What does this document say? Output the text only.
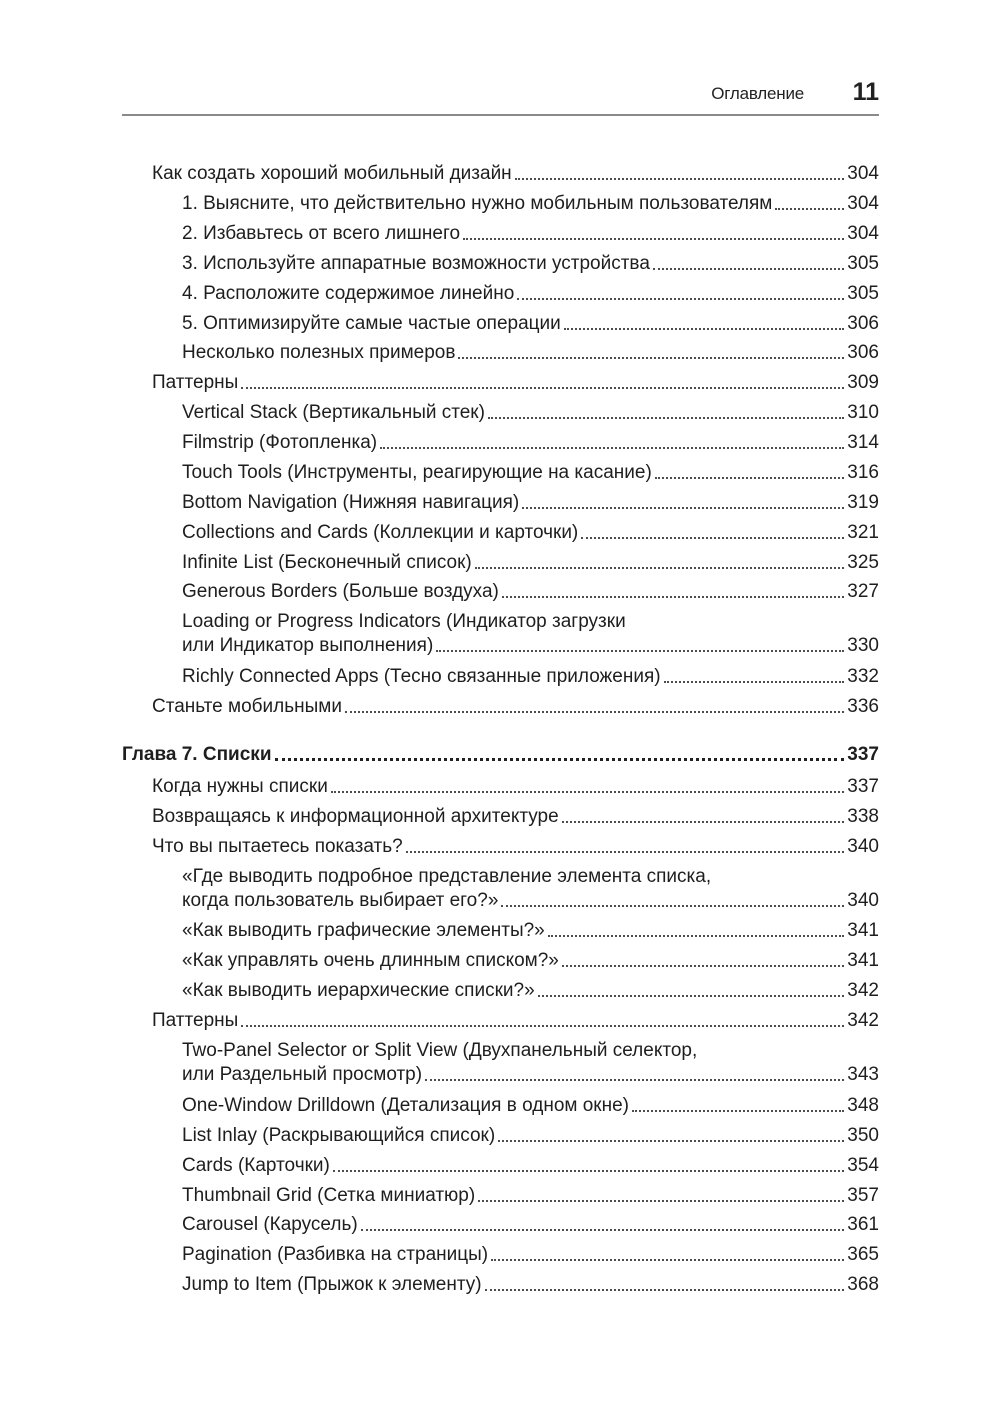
Оглавление 11
Как создать хороший мобильный дизайн	304
1. Выясните, что действительно нужно мобильным пользователям	304
2. Избавьтесь от всего лишнего	304
3. Используйте аппаратные возможности устройства	305
4. Расположите содержимое линейно	305
5. Оптимизируйте самые частые операции	306
Несколько полезных примеров	306
Паттерны	309
Vertical Stack (Вертикальный стек)	310
Filmstrip (Фотопленка)	314
Touch Tools (Инструменты, реагирующие на касание)	316
Bottom Navigation (Нижняя навигация)	319
Collections and Cards (Коллекции и карточки)	321
Infinite List (Бесконечный список)	325
Generous Borders (Больше воздуха)	327
Loading or Progress Indicators (Индикатор загрузки
или Индикатор выполнения)	330
Richly Connected Apps (Тесно связанные приложения)	332
Станьте мобильными	336
Глава 7. Списки	337
Когда нужны списки	337
Возвращаясь к информационной архитектуре	338
Что вы пытаетесь показать?	340
«Где выводить подробное представление элемента списка,
когда пользователь выбирает его?»	340
«Как выводить графические элементы?»	341
«Как управлять очень длинным списком?»	341
«Как выводить иерархические списки?»	342
Паттерны	342
Two-Panel Selector or Split View (Двухпанельный селектор,
или Раздельный просмотр)	343
One-Window Drilldown (Детализация в одном окне)	348
List Inlay (Раскрывающийся список)	350
Cards (Карточки)	354
Thumbnail Grid (Сетка миниатюр)	357
Carousel (Карусель)	361
Pagination (Разбивка на страницы)	365
Jump to Item (Прыжок к элементу)	368
